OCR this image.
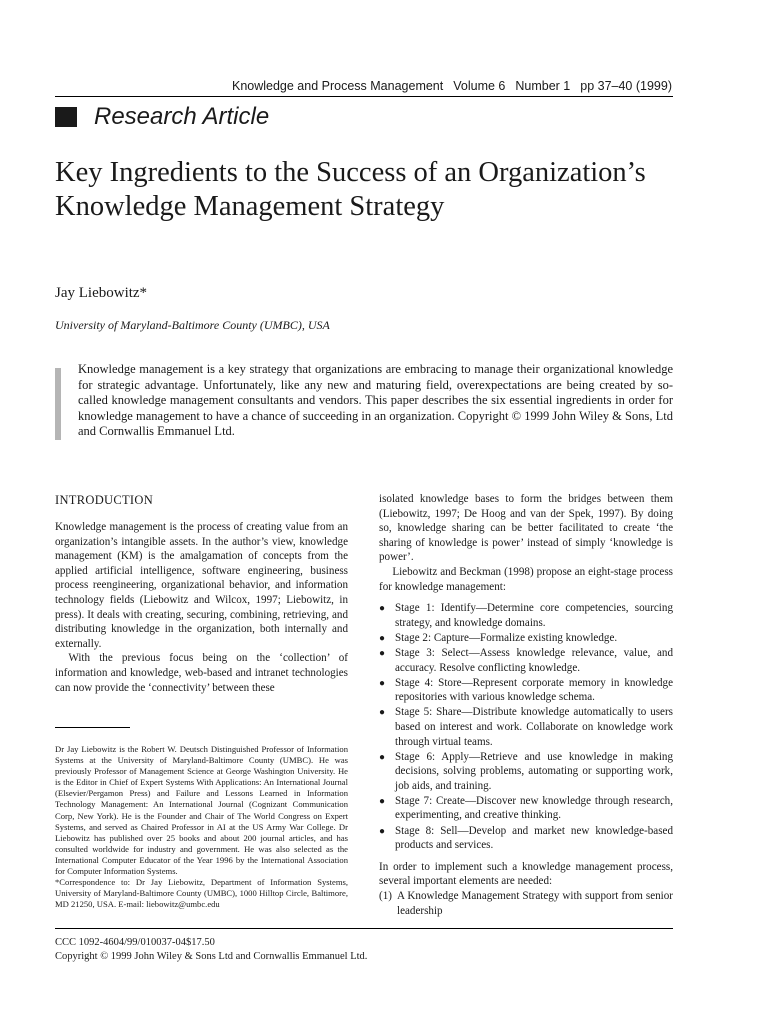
Knowledge and Process Management Volume 6 Number 1 pp 37–40 (1999)
Research Article
Key Ingredients to the Success of an Organization’s Knowledge Management Strategy
Jay Liebowitz*
University of Maryland-Baltimore County (UMBC), USA

Knowledge management is a key strategy that organizations are embracing to manage their organizational knowledge for strategic advantage. Unfortunately, like any new and maturing field, overexpectations are being created by so-called knowledge management consultants and vendors. This paper describes the six essential ingredients in order for knowledge management to have a chance of succeeding in an organization. Copyright © 1999 John Wiley & Sons, Ltd and Cornwallis Emmanuel Ltd.

INTRODUCTION

Knowledge management is the process of creating value from an organization’s intangible assets. In the author’s view, knowledge management (KM) is the amalgamation of concepts from the applied artificial intelligence, software engineering, business process reengineering, organizational behavior, and information technology fields (Liebowitz and Wilcox, 1997; Liebowitz, in press). It deals with creating, securing, combining, retrieving, and distributing knowledge in the organization, both internally and externally.

With the previous focus being on the ‘collection’ of information and knowledge, web-based and intranet technologies can now provide the ‘connectivity’ between these

Dr Jay Liebowitz is the Robert W. Deutsch Distinguished Professor of Information Systems at the University of Maryland-Baltimore County (UMBC). He was previously Professor of Management Science at George Washington University. He is the Editor in Chief of Expert Systems With Applications: An International Journal (Elsevier/Pergamon Press) and Failure and Lessons Learned in Information Technology Management: An International Journal (Cognizant Communication Corp, New York). He is the Founder and Chair of The World Congress on Expert Systems, and served as Chaired Professor in AI at the US Army War College. Dr Liebowitz has published over 25 books and about 200 journal articles, and has consulted worldwide for industry and government. He was also selected as the International Computer Educator of the Year 1996 by the International Association for Computer Information Systems.

*Correspondence to: Dr Jay Liebowitz, Department of Information Systems, University of Maryland-Baltimore County (UMBC), 1000 Hilltop Circle, Baltimore, MD 21250, USA. E-mail: liebowitz@umbc.edu

isolated knowledge bases to form the bridges between them (Liebowitz, 1997; De Hoog and van der Spek, 1997). By doing so, knowledge sharing can be better facilitated to create ‘the sharing of knowledge is power’ instead of simply ‘knowledge is power’.

Liebowitz and Beckman (1998) propose an eight-stage process for knowledge management:

● Stage 1: Identify—Determine core competencies, sourcing strategy, and knowledge domains.
● Stage 2: Capture—Formalize existing knowledge.
● Stage 3: Select—Assess knowledge relevance, value, and accuracy. Resolve conflicting knowledge.
● Stage 4: Store—Represent corporate memory in knowledge repositories with various knowledge schema.
● Stage 5: Share—Distribute knowledge automatically to users based on interest and work. Collaborate on knowledge work through virtual teams.
● Stage 6: Apply—Retrieve and use knowledge in making decisions, solving problems, automating or supporting work, job aids, and training.
● Stage 7: Create—Discover new knowledge through research, experimenting, and creative thinking.
● Stage 8: Sell—Develop and market new knowledge-based products and services.

In order to implement such a knowledge management process, several important elements are needed:

(1) A Knowledge Management Strategy with support from senior leadership

CCC 1092-4604/99/010037-04$17.50
Copyright © 1999 John Wiley & Sons Ltd and Cornwallis Emmanuel Ltd.
